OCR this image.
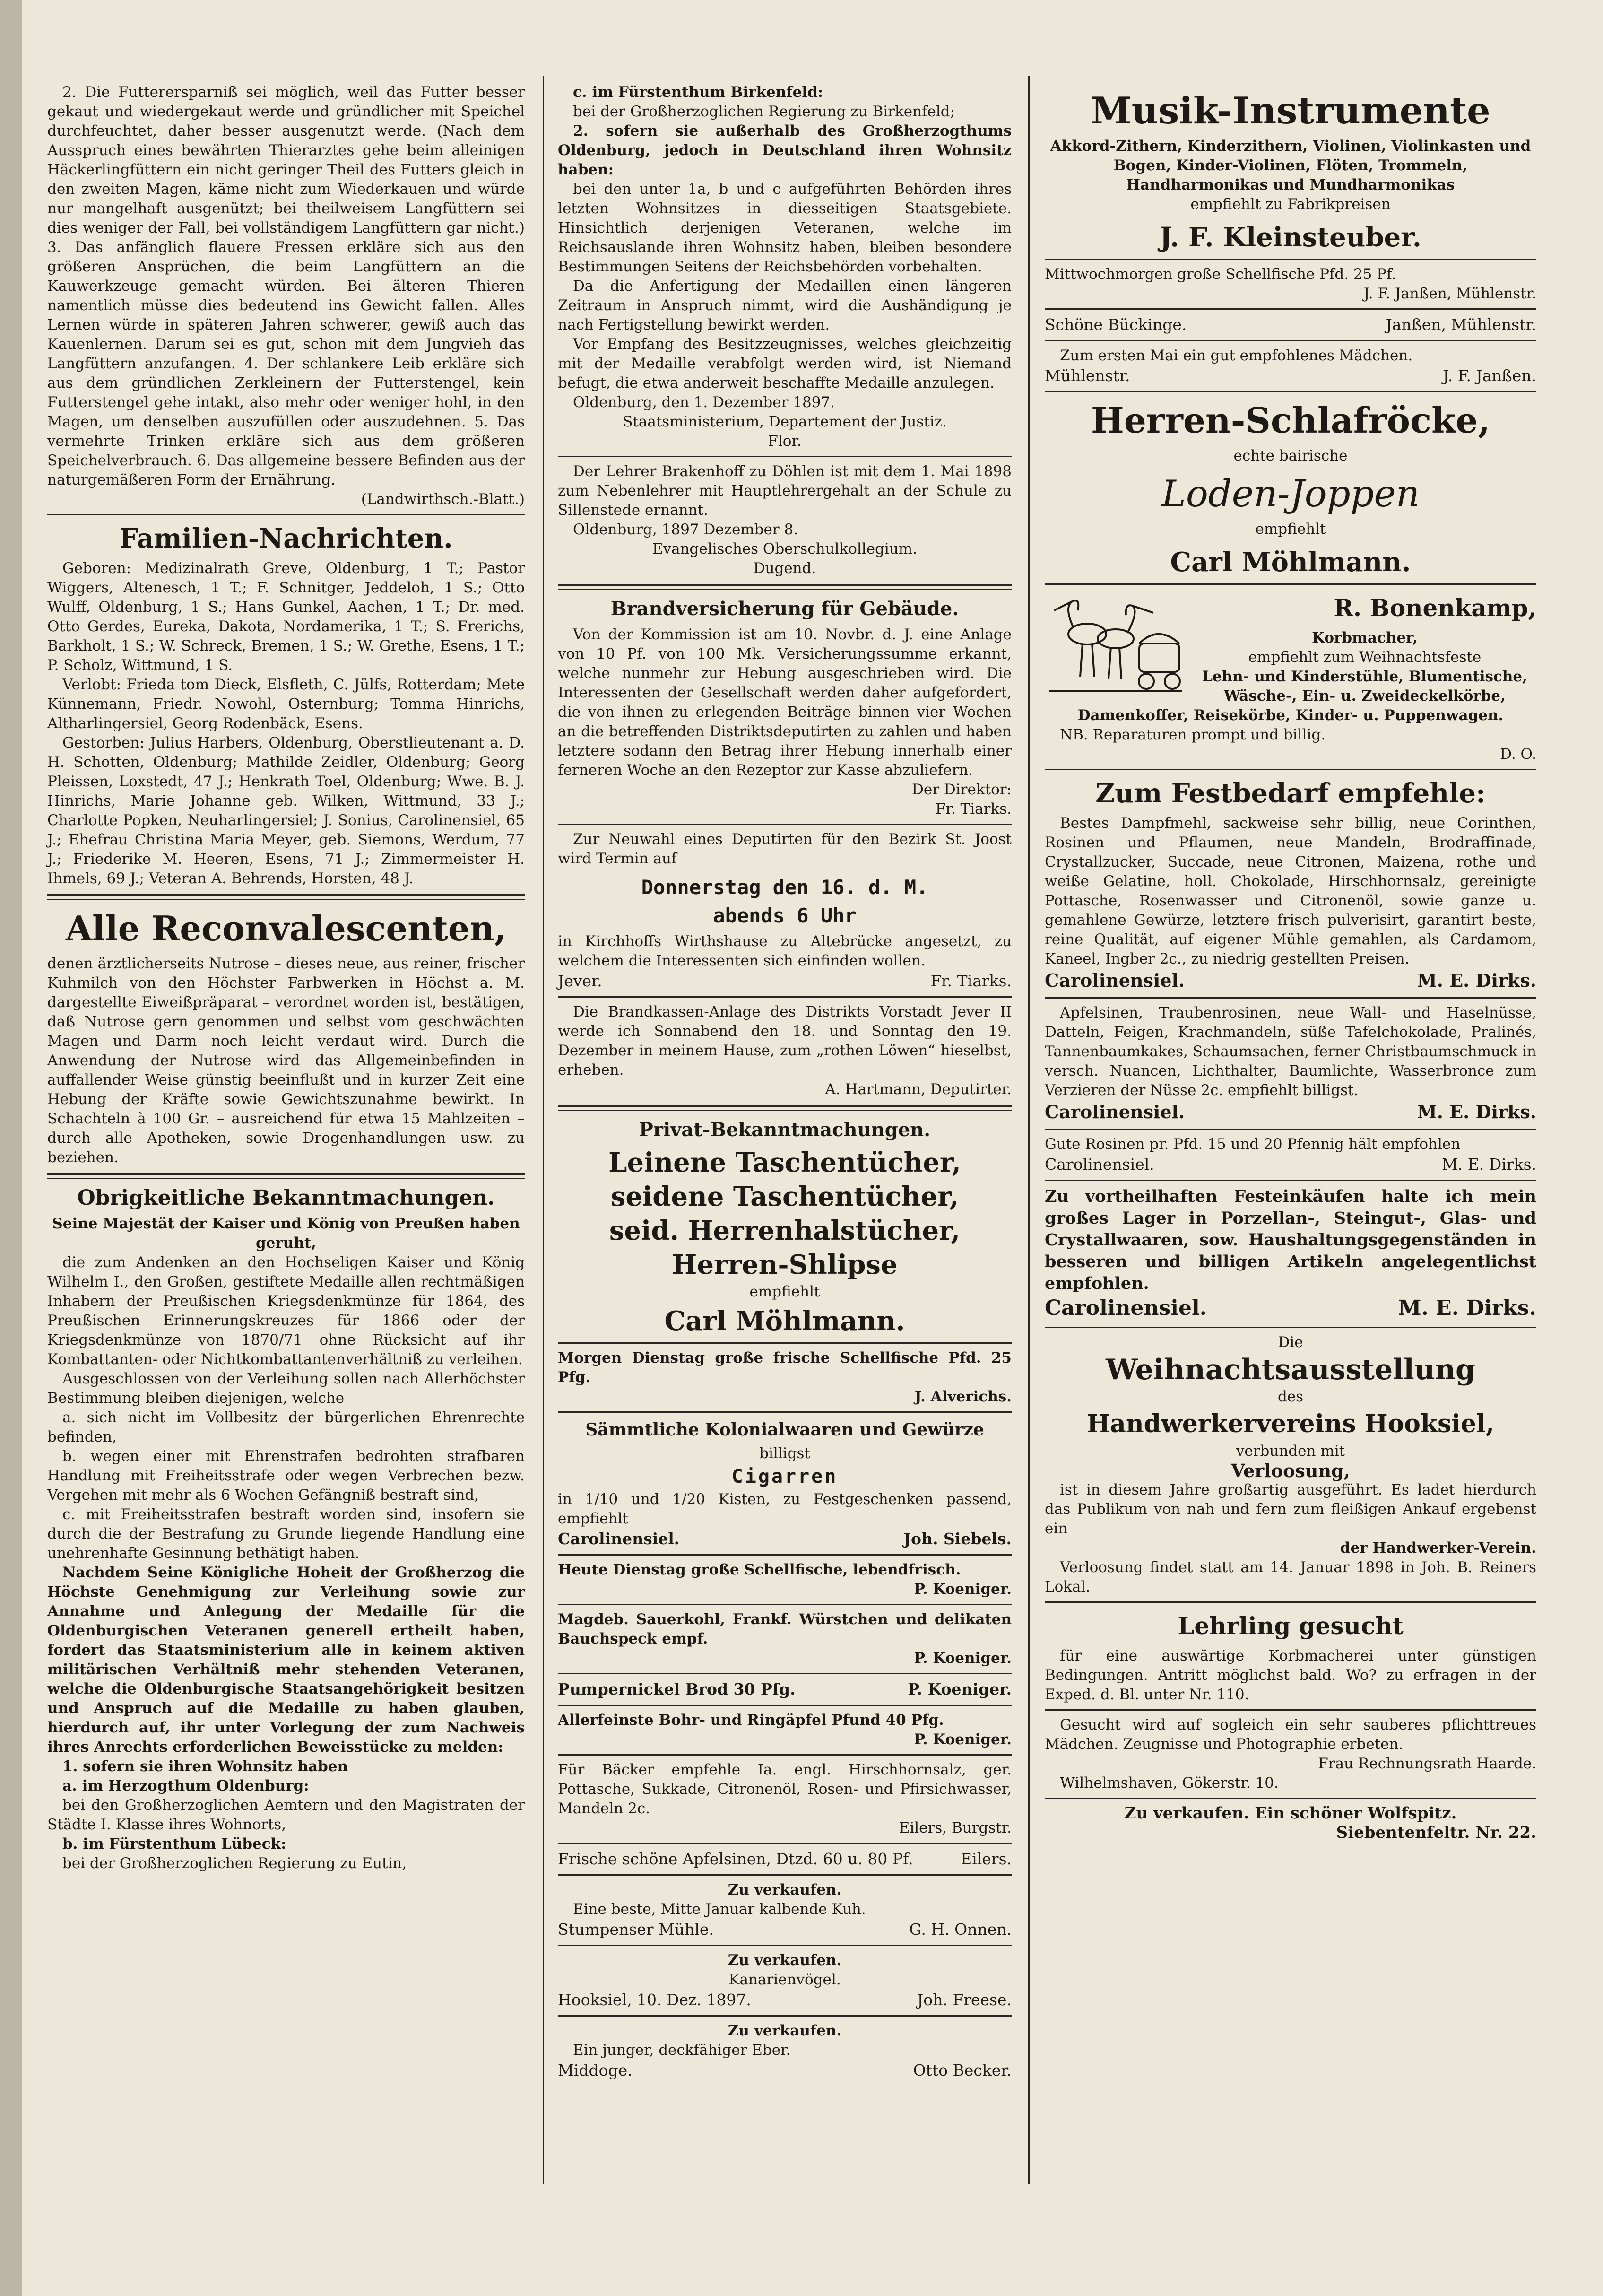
2. Die Futterersparniß sei möglich, weil das Futter besser gekaut und wiedergekaut werde und gründlicher mit Speichel durchfeuchtet, daher besser ausgenutzt werde. (Nach dem Ausspruch eines bewährten Thierarztes gehe beim alleinigen Häckerlingfüttern ein nicht geringer Theil des Futters gleich in den zweiten Magen, käme nicht zum Wiederkauen und würde nur mangelhaft ausgenützt; bei theilweisem Langfüttern sei dies weniger der Fall, bei vollständigem Langfüttern gar nicht.) 3. Das anfänglich flauere Fressen erkläre sich aus den größeren Ansprüchen, die beim Langfüttern an die Kauwerkzeuge gemacht würden. Bei älteren Thieren namentlich müsse dies bedeutend ins Gewicht fallen. Alles Lernen würde in späteren Jahren schwerer, gewiß auch das Kauenlernen. Darum sei es gut, schon mit dem Jungvieh das Langfüttern anzufangen. 4. Der schlankere Leib erkläre sich aus dem gründlichen Zerkleinern der Futterstengel, kein Futterstengel gehe intakt, also mehr oder weniger hohl, in den Magen, um denselben auszufüllen oder auszudehnen. 5. Das vermehrte Trinken erkläre sich aus dem größeren Speichelverbrauch. 6. Das allgemeine bessere Befinden aus der naturgemäßeren Form der Ernährung.

(Landwirthsch.-Blatt.)

Familien-Nachrichten.

Geboren: Medizinalrath Greve, Oldenburg, 1 T.; Pastor Wiggers, Altenesch, 1 T.; F. Schnitger, Jeddeloh, 1 S.; Otto Wulff, Oldenburg, 1 S.; Hans Gunkel, Aachen, 1 T.; Dr. med. Otto Gerdes, Eureka, Dakota, Nordamerika, 1 T.; S. Frerichs, Barkholt, 1 S.; W. Schreck, Bremen, 1 S.; W. Grethe, Esens, 1 T.; P. Scholz, Wittmund, 1 S.

Verlobt: Frieda tom Dieck, Elsfleth, C. Jülfs, Rotterdam; Mete Künnemann, Friedr. Nowohl, Osternburg; Tomma Hinrichs, Altharlingersiel, Georg Rodenbäck, Esens.

Gestorben: Julius Harbers, Oldenburg, Oberstlieutenant a. D. H. Schotten, Oldenburg; Mathilde Zeidler, Oldenburg; Georg Pleissen, Loxstedt, 47 J.; Henkrath Toel, Oldenburg; Wwe. B. J. Hinrichs, Marie Johanne geb. Wilken, Wittmund, 33 J.; Charlotte Popken, Neuharlingersiel; J. Sonius, Carolinensiel, 65 J.; Ehefrau Christina Maria Meyer, geb. Siemons, Werdum, 77 J.; Friederike M. Heeren, Esens, 71 J.; Zimmermeister H. Ihmels, 69 J.; Veteran A. Behrends, Horsten, 48 J.

Alle Reconvalescenten,

denen ärztlicherseits Nutrose – dieses neue, aus reiner, frischer Kuhmilch von den Höchster Farbwerken in Höchst a. M. dargestellte Eiweißpräparat – verordnet worden ist, bestätigen, daß Nutrose gern genommen und selbst vom geschwächten Magen und Darm noch leicht verdaut wird. Durch die Anwendung der Nutrose wird das Allgemeinbefinden in auffallender Weise günstig beeinflußt und in kurzer Zeit eine Hebung der Kräfte sowie Gewichtszunahme bewirkt. In Schachteln à 100 Gr. – ausreichend für etwa 15 Mahlzeiten – durch alle Apotheken, sowie Drogenhandlungen usw. zu beziehen.

Obrigkeitliche Bekanntmachungen.

Seine Majestät der Kaiser und König von Preußen haben geruht,

die zum Andenken an den Hochseligen Kaiser und König Wilhelm I., den Großen, gestiftete Medaille allen rechtmäßigen Inhabern der Preußischen Kriegsdenkmünze für 1864, des Preußischen Erinnerungskreuzes für 1866 oder der Kriegsdenkmünze von 1870/71 ohne Rücksicht auf ihr Kombattanten- oder Nichtkombattantenverhältniß zu verleihen.

Ausgeschlossen von der Verleihung sollen nach Allerhöchster Bestimmung bleiben diejenigen, welche

a. sich nicht im Vollbesitz der bürgerlichen Ehrenrechte befinden,

b. wegen einer mit Ehrenstrafen bedrohten strafbaren Handlung mit Freiheitsstrafe oder wegen Verbrechen bezw. Vergehen mit mehr als 6 Wochen Gefängniß bestraft sind,

c. mit Freiheitsstrafen bestraft worden sind, insofern sie durch die der Bestrafung zu Grunde liegende Handlung eine unehrenhafte Gesinnung bethätigt haben.

Nachdem Seine Königliche Hoheit der Großherzog die Höchste Genehmigung zur Verleihung sowie zur Annahme und Anlegung der Medaille für die Oldenburgischen Veteranen generell ertheilt haben, fordert das Staatsministerium alle in keinem aktiven militärischen Verhältniß mehr stehenden Veteranen, welche die Oldenburgische Staatsangehörigkeit besitzen und Anspruch auf die Medaille zu haben glauben, hierdurch auf, ihr unter Vorlegung der zum Nachweis ihres Anrechts erforderlichen Beweisstücke zu melden:

1. sofern sie ihren Wohnsitz haben

a. im Herzogthum Oldenburg:

bei den Großherzoglichen Aemtern und den Magistraten der Städte I. Klasse ihres Wohnorts,

b. im Fürstenthum Lübeck:

bei der Großherzoglichen Regierung zu Eutin,

c. im Fürstenthum Birkenfeld:

bei der Großherzoglichen Regierung zu Birkenfeld;

2. sofern sie außerhalb des Großherzogthums Oldenburg, jedoch in Deutschland ihren Wohnsitz haben:

bei den unter 1a, b und c aufgeführten Behörden ihres letzten Wohnsitzes in diesseitigen Staatsgebiete. Hinsichtlich derjenigen Veteranen, welche im Reichsauslande ihren Wohnsitz haben, bleiben besondere Bestimmungen Seitens der Reichsbehörden vorbehalten.

Da die Anfertigung der Medaillen einen längeren Zeitraum in Anspruch nimmt, wird die Aushändigung je nach Fertigstellung bewirkt werden.

Vor Empfang des Besitzzeugnisses, welches gleichzeitig mit der Medaille verabfolgt werden wird, ist Niemand befugt, die etwa anderweit beschaffte Medaille anzulegen.

Oldenburg, den 1. Dezember 1897.

Staatsministerium, Departement der Justiz.

Flor.

Der Lehrer Brakenhoff zu Döhlen ist mit dem 1. Mai 1898 zum Nebenlehrer mit Hauptlehrergehalt an der Schule zu Sillenstede ernannt.

Oldenburg, 1897 Dezember 8.

Evangelisches Oberschulkollegium.

Dugend.

Brandversicherung für Gebäude.

Von der Kommission ist am 10. Novbr. d. J. eine Anlage von 10 Pf. von 100 Mk. Versicherungssumme erkannt, welche nunmehr zur Hebung ausgeschrieben wird. Die Interessenten der Gesellschaft werden daher aufgefordert, die von ihnen zu erlegenden Beiträge binnen vier Wochen an die betreffenden Distriktsdeputirten zu zahlen und haben letztere sodann den Betrag ihrer Hebung innerhalb einer ferneren Woche an den Rezeptor zur Kasse abzuliefern.

Der Direktor:

Fr. Tiarks.

Zur Neuwahl eines Deputirten für den Bezirk St. Joost wird Termin auf

Donnerstag den 16. d. M.
abends 6 Uhr

in Kirchhoffs Wirthshause zu Altebrücke angesetzt, zu welchem die Interessenten sich einfinden wollen.

Jever.	Fr. Tiarks.

Die Brandkassen-Anlage des Distrikts Vorstadt Jever II werde ich Sonnabend den 18. und Sonntag den 19. Dezember in meinem Hause, zum „rothen Löwen“ hieselbst, erheben.

A. Hartmann, Deputirter.

Privat-Bekanntmachungen.
Leinene Taschentücher,
seidene Taschentücher,
seid. Herrenhalstücher,
Herren-Shlipse

empfiehlt

Carl Möhlmann.

Morgen Dienstag große frische Schellfische Pfd. 25 Pfg.

J. Alverichs.

Sämmtliche Kolonialwaaren und Gewürze

billigst

Cigarren

in 1/10 und 1/20 Kisten, zu Festgeschenken passend, empfiehlt

Carolinensiel.	Joh. Siebels.

Heute Dienstag große Schellfische, lebendfrisch.

P. Koeniger.

Magdeb. Sauerkohl, Frankf. Würstchen und delikaten Bauchspeck empf.

P. Koeniger.

Pumpernickel Brod 30 Pfg.	P. Koeniger.

Allerfeinste Bohr- und Ringäpfel Pfund 40 Pfg.

P. Koeniger.

Für Bäcker empfehle Ia. engl. Hirschhornsalz, ger. Pottasche, Sukkade, Citronenöl, Rosen- und Pfirsichwasser, Mandeln 2c.

Eilers, Burgstr.

Frische schöne Apfelsinen, Dtzd. 60 u. 80 Pf.	Eilers.

Zu verkaufen.

Eine beste, Mitte Januar kalbende Kuh.

Stumpenser Mühle.	G. H. Onnen.

Zu verkaufen.

Kanarienvögel.

Hooksiel, 10. Dez. 1897.	Joh. Freese.

Zu verkaufen.

Ein junger, deckfähiger Eber.

Middoge.	Otto Becker.
Musik-Instrumente

Akkord-Zithern, Kinderzithern, Violinen, Violinkasten und Bogen, Kinder-Violinen, Flöten, Trommeln, Handharmonikas und Mundharmonikas

empfiehlt zu Fabrikpreisen

J. F. Kleinsteuber.

Mittwochmorgen große Schellfische Pfd. 25 Pf.

J. F. Janßen, Mühlenstr.

Schöne Bückinge.	Janßen, Mühlenstr.

Zum ersten Mai ein gut empfohlenes Mädchen.

Mühlenstr.	J. F. Janßen.
Herren-Schlafröcke,

echte bairische

Loden-Joppen

empfiehlt

Carl Möhlmann.
R. Bonenkamp,

Korbmacher,

empfiehlt zum Weihnachtsfeste

Lehn- und Kinderstühle, Blumentische, Wäsche-, Ein- u. Zweideckelkörbe, Damenkoffer, Reisekörbe, Kinder- u. Puppenwagen.

NB. Reparaturen prompt und billig.

D. O.

Zum Festbedarf empfehle:

Bestes Dampfmehl, sackweise sehr billig, neue Corinthen, Rosinen und Pflaumen, neue Mandeln, Brodraffinade, Crystallzucker, Succade, neue Citronen, Maizena, rothe und weiße Gelatine, holl. Chokolade, Hirschhornsalz, gereinigte Pottasche, Rosenwasser und Citronenöl, sowie ganze u. gemahlene Gewürze, letztere frisch pulverisirt, garantirt beste, reine Qualität, auf eigener Mühle gemahlen, als Cardamom, Kaneel, Ingber 2c., zu niedrig gestellten Preisen.

Carolinensiel.	M. E. Dirks.

Apfelsinen, Traubenrosinen, neue Wall- und Haselnüsse, Datteln, Feigen, Krachmandeln, süße Tafelchokolade, Pralinés, Tannenbaumkakes, Schaumsachen, ferner Christbaumschmuck in versch. Nuancen, Lichthalter, Baumlichte, Wasserbronce zum Verzieren der Nüsse 2c. empfiehlt billigst.

Carolinensiel.	M. E. Dirks.

Gute Rosinen pr. Pfd. 15 und 20 Pfennig hält empfohlen

Carolinensiel.	M. E. Dirks.

Zu vortheilhaften Festeinkäufen halte ich mein großes Lager in Porzellan-, Steingut-, Glas- und Crystallwaaren, sow. Haushaltungsgegenständen in besseren und billigen Artikeln angelegentlichst empfohlen.

Carolinensiel.	M. E. Dirks.

Die

Weihnachtsausstellung

des

Handwerkervereins Hooksiel,

verbunden mit

Verloosung,

ist in diesem Jahre großartig ausgeführt. Es ladet hierdurch das Publikum von nah und fern zum fleißigen Ankauf ergebenst ein

der Handwerker-Verein.

Verloosung findet statt am 14. Januar 1898 in Joh. B. Reiners Lokal.

Lehrling gesucht

für eine auswärtige Korbmacherei unter günstigen Bedingungen. Antritt möglichst bald. Wo? zu erfragen in der Exped. d. Bl. unter Nr. 110.

Gesucht wird auf sogleich ein sehr sauberes pflichttreues Mädchen. Zeugnisse und Photographie erbeten.

Frau Rechnungsrath Haarde.

Wilhelmshaven, Gökerstr. 10.

Zu verkaufen. Ein schöner Wolfspitz.

Siebentenfeltr. Nr. 22.
